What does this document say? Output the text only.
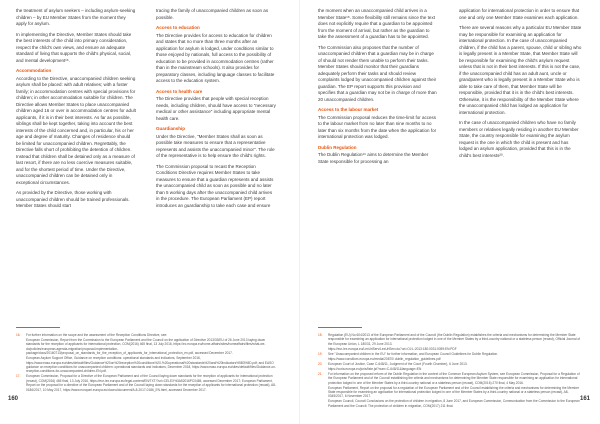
the treatment of asylum seekers – including asylum-seeking children – by EU Member States from the moment they apply for asylum.

In implementing the Directive, Member States should take the best interests of the child into primary consideration, respect the child's own views, and ensure an adequate standard of living that supports the child's physical, social, and mental development¹⁶.

Accommodation

According to the Directive, unaccompanied children seeking asylum shall be placed: with adult relatives; with a foster family; in accommodation centres with special provisions for children; in other accommodation suitable for children. The Directive allows Member States to place unaccompanied children aged 16 or over in accommodation centres for adult applicants, if it is in their best interests. As far as possible, siblings shall be kept together, taking into account the best interests of the child concerned and, in particular, his or her age and degree of maturity. Changes of residence should be limited for unaccompanied children. Regrettably, the Directive falls short of prohibiting the detention of children. Instead that children shall be detained only as a measure of last resort, if there are no less coercive measures suitable, and for the shortest period of time. Under the Directive, unaccompanied children can be detained only in exceptional circumstances.

As provided by the Directive, those working with unaccompanied children should be trained professionals. Member States should start

tracing the family of unaccompanied children as soon as possible.

Access to education

The Directive provides for access to education for children and states that no more than three months after an application for asylum is lodged, under conditions similar to those enjoyed by nationals, full access to the possibility of education to be provided in accommodation centres (rather than in the mainstream schools). It also provides for preparatory classes, including language classes to facilitate access to the education system.

Access to health care

The Directive provides that people with special reception needs, including children, should have access to "necessary medical or other assistance" including appropriate mental health care.

Guardianship

Under the Directive, "Member States shall as soon as possible take measures to ensure that a representative represents and assists the unaccompanied minor". The role of the representative is to help ensure the child's rights.

The Commission proposal to recast the Reception Conditions Directive requires Member States to take measures to ensure that a guardian represents and assists the unaccompanied child as soon as possible and no later than 5 working days after the unaccompanied child arrives in the procedure. The European Parliament (EP) report introduces an guardianship to take each case and ensure

16.	For further information on the scope and the assessment of the Reception Conditions Directive, see:
European Commission, Report from the Commission to the European Parliament and the Council on the application of Directive 2013/33/EU of 26 June 2013 laying down standards for the reception of applicants for international protection, COM(2016) 465 final, 13 July 2016, https://ec.europa.eu/home-affairs/sites/homeaffairs/files/what-we-do/policies/european-agenda-migration/proposal-implementation-package/docs/20160713/proposal_on_standards_for_the_reception_of_applicants_for_international_protection_en.pdf, accessed December 2017.
European Asylum Support Office, Guidance on reception conditions: operational standards and indicators, September 2016, https://www.easo.europa.eu/sites/default/files/Guidance%20on%20reception%20conditions%20-%20operational%20standards%20and%20indicators%5B3%5D.pdf; and EASO guidance on reception conditions for unaccompanied children: operational standards and indicators, December 2018, https://www.easo.europa.eu/sites/default/files/Guidance-on-reception-conditions-for-unaccompanied-children-EN.pdf.
17.	European Commission, Proposal for a Directive of the European Parliament and of the Council laying down standards for the reception of applicants for international protection (recast), COM(2016) 465 final, 13 July 2016, https://eur-lex.europa.eu/legal-content/EN/TXT/?uri=CELEX%3A52016PC0465, accessed December 2017; European Parliament, Report on the proposal for a directive of the European Parliament and of the Council laying down standards for the reception of applicants for international protection (recast), A8-0186/2017, 10 May 2017, https://www.europarl.europa.eu/doceo/document/A-8-2017-0186_EN.html, accessed December 2017.
160

the moment when an unaccompanied child arrives in a Member State¹⁸. Some flexibility still remains since the text does not explicitly require that a guardian to be appointed from the moment of arrival, but rather as the guardian to take the assessment of a guardian has to be appointed.

The Commission also proposes that the number of unaccompanied children that a guardian may be in charge of should not render them unable to perform their tasks. Member States should monitor that their guardians adequately perform their tasks and should review complaints lodged by unaccompanied children against their guardian. The EP report supports this provision and specifies that a guardian may not be in charge of more than 20 unaccompanied children.

Access to the labour market

The Commission proposal reduces the time-limit for access to the labour market from no later than nine months to no later than six months from the date when the application for international protection was lodged.

Dublin Regulation

The Dublin Regulation¹⁹ aims to determine the Member State responsible for processing an

application for international protection in order to ensure that one and only one Member State examines each application.

There are several reasons why a particular EU Member State may be responsible for examining an application for international protection. In the case of unaccompanied children, if the child has a parent, spouse, child or sibling who is legally present in a Member State, that Member State will be responsible for examining the child's asylum request unless that is not in their best interests. If this is not the case, if the unaccompanied child has an adult aunt, uncle or grandparent who is legally present in a Member State who is able to take care of them, that Member State will be responsible, provided that it is in the child's best interests. Otherwise, it is the responsibility of the Member State where the unaccompanied child has lodged an application for international protection.

In the case of unaccompanied children who have no family members or relatives legally residing in another EU Member State, the country responsible for examining the asylum request is the one in which the child is present and has lodged an asylum application, provided that this is in the child's best interests²⁰.

18.	Regulation (EU) No 604/2013 of the European Parliament and of the Council (the Dublin Regulation) establishes the criteria and mechanisms for determining the Member State responsible for examining an application for international protection lodged in one of the Member States by a third-country national or a stateless person (recast), Official Journal of the European Union, L 180/31, 29 June 2013.
https://eur-lex.europa.eu/LexUriServ/LexUriServ.do?uri=OJ:L:2013:180:0031:0059:EN:PDF
19.	See "Unaccompanied children in the EU" for further information, and European Council Guidelines for Dublin Regulation.
https://www.consilium.europa.eu/media/20870/ dublin_regulation_guidelines.pdf
20.	European Court of Justice, Case C-648/11, Judgment of the Court (Fourth Chamber), 6 June 2013.
https://curia.europa.eu/juris/liste.jsf?num=C-648/11&language=EN
21.	For information on the proposed reform of the Dublin Regulation in the context of the Common European Asylum System, see European Commission, Proposal for a Regulation of the European Parliament and of the Council establishing the criteria and mechanisms for determining the Member State responsible for examining an application for international protection lodged in one of the Member States by a third-country national or a stateless person (recast), COM(2016) 270 final, 4 May 2016.
European Parliament, Report on the proposal for a regulation of the European Parliament and of the Council establishing the criteria and mechanisms for determining the Member State responsible for examining an application for international protection lodged in one of the Member States by a third-country national or a stateless person (recast), A8-0345/2017, 6 November 2017.
European Council, Council Conclusions on the protection of children in migration, 8 June 2017, and European Commission, Communication from the Commission to the European Parliament and the Council: The protection of children in migration, COM(2017) 211 final.
161
